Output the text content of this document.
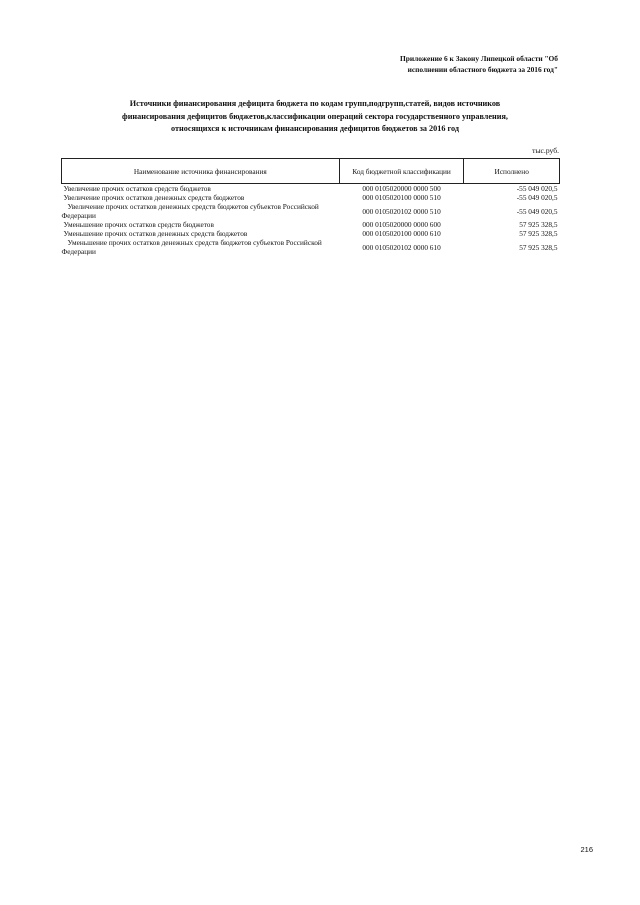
Приложение 6 к Закону Липецкой области "Об
исполнении областного бюджета за 2016 год"
Источники финансирования дефицита бюджета по кодам групп,подгрупп,статей, видов источников
финансирования дефицитов бюджетов,классификации операций сектора государственного управления,
относящихся к источникам финансирования дефицитов бюджетов за 2016 год
тыс.руб.
Наименование источника финансирования	Код бюджетной классификации	Исполнено
Увеличение прочих остатков средств бюджетов	000 0105020000 0000 500	-55 049 020,5
Увеличение прочих остатков денежных средств бюджетов	000 0105020100 0000 510	-55 049 020,5
Увеличение прочих остатков денежных средств бюджетов субъектов Российской Федерации	000 0105020102 0000 510	-55 049 020,5
Уменьшение прочих остатков средств бюджетов	000 0105020000 0000 600	57 925 328,5
Уменьшение прочих остатков денежных средств бюджетов	000 0105020100 0000 610	57 925 328,5
Уменьшение прочих остатков денежных средств бюджетов субъектов Российской Федерации	000 0105020102 0000 610	57 925 328,5
216
